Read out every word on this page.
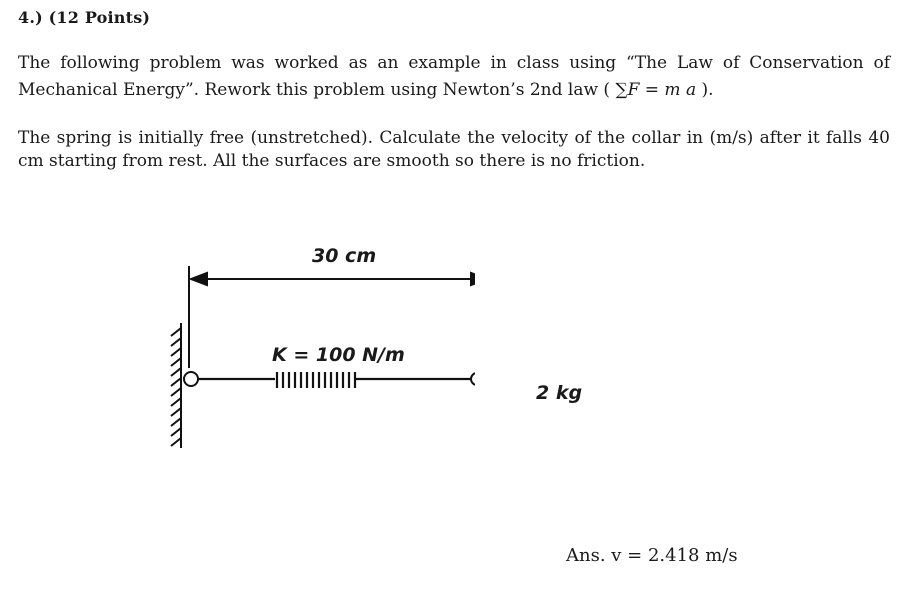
4.) (12 Points)
The following problem was worked as an example in class using “The Law of Conservation of Mechanical Energy”. Rework this problem using Newton’s 2nd law ( ∑F = m a ).
The spring is initially free (unstretched). Calculate the velocity of the collar in (m/s) after it falls 40 cm starting from rest. All the surfaces are smooth so there is no friction.
30 cm
K = 100 N/m
2 kg
Ans. v = 2.418 m/s
